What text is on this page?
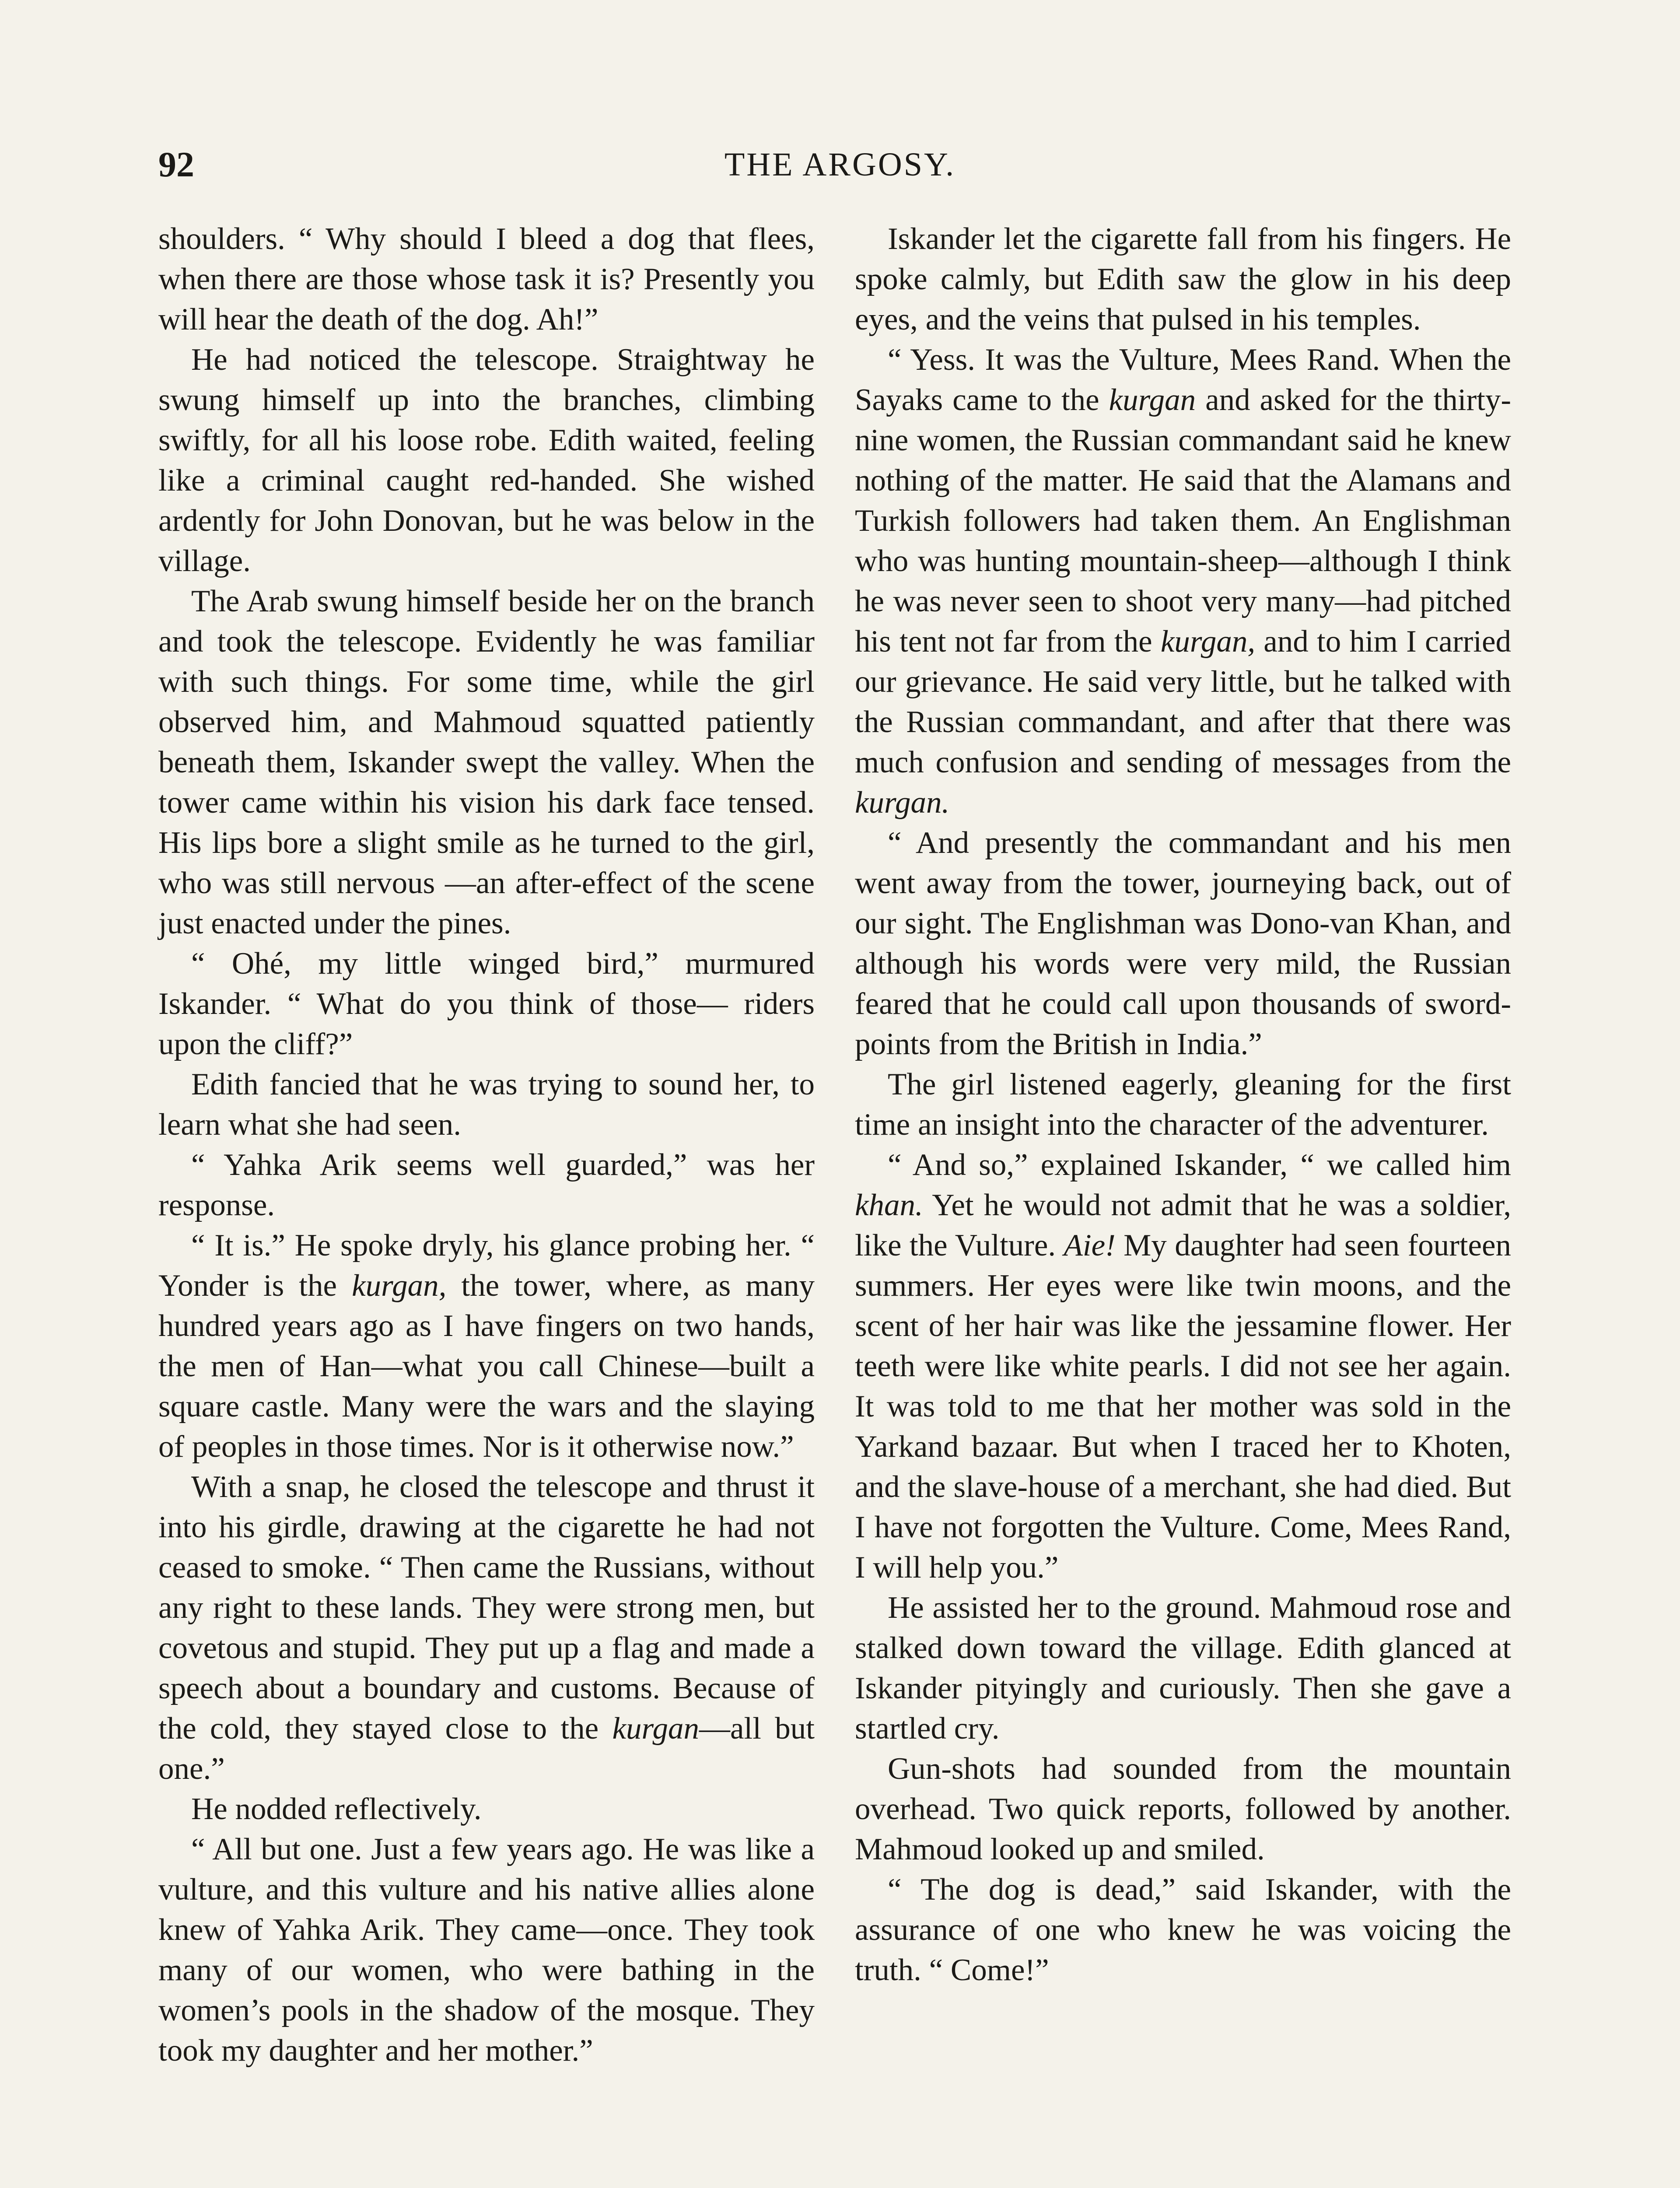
92	THE ARGOSY.

shoulders. “ Why should I bleed a dog that flees, when there are those whose task it is? Presently you will hear the death of the dog. Ah!”

He had noticed the telescope. Straightway he swung himself up into the branches, climbing swiftly, for all his loose robe. Edith waited, feeling like a criminal caught red-handed. She wished ardently for John Donovan, but he was below in the village.

The Arab swung himself beside her on the branch and took the telescope. Evidently he was familiar with such things. For some time, while the girl observed him, and Mahmoud squatted patiently beneath them, Iskander swept the valley. When the tower came within his vision his dark face tensed. His lips bore a slight smile as he turned to the girl, who was still nervous —an after-effect of the scene just enacted under the pines.

“ Ohé, my little winged bird,” murmured Iskander. “ What do you think of those— riders upon the cliff?”

Edith fancied that he was trying to sound her, to learn what she had seen.

“ Yahka Arik seems well guarded,” was her response.

“ It is.” He spoke dryly, his glance probing her. “ Yonder is the kurgan, the tower, where, as many hundred years ago as I have fingers on two hands, the men of Han—what you call Chinese—built a square castle. Many were the wars and the slaying of peoples in those times. Nor is it otherwise now.”

With a snap, he closed the telescope and thrust it into his girdle, drawing at the cigarette he had not ceased to smoke. “ Then came the Russians, without any right to these lands. They were strong men, but covetous and stupid. They put up a flag and made a speech about a boundary and customs. Because of the cold, they stayed close to the kurgan—all but one.”

He nodded reflectively.

“ All but one. Just a few years ago. He was like a vulture, and this vulture and his native allies alone knew of Yahka Arik. They came—once. They took many of our women, who were bathing in the women’s pools in the shadow of the mosque. They took my daughter and her mother.”

Iskander let the cigarette fall from his fingers. He spoke calmly, but Edith saw the glow in his deep eyes, and the veins that pulsed in his temples.

“ Yess. It was the Vulture, Mees Rand. When the Sayaks came to the kurgan and asked for the thirty-nine women, the Russian commandant said he knew nothing of the matter. He said that the Alamans and Turkish followers had taken them. An Englishman who was hunting mountain-sheep—although I think he was never seen to shoot very many—had pitched his tent not far from the kurgan, and to him I carried our grievance. He said very little, but he talked with the Russian commandant, and after that there was much confusion and sending of messages from the kurgan.

“ And presently the commandant and his men went away from the tower, journeying back, out of our sight. The Englishman was Dono-van Khan, and although his words were very mild, the Russian feared that he could call upon thousands of sword-points from the British in India.”

The girl listened eagerly, gleaning for the first time an insight into the character of the adventurer.

“ And so,” explained Iskander, “ we called him khan. Yet he would not admit that he was a soldier, like the Vulture. Aie! My daughter had seen fourteen summers. Her eyes were like twin moons, and the scent of her hair was like the jessamine flower. Her teeth were like white pearls. I did not see her again. It was told to me that her mother was sold in the Yarkand bazaar. But when I traced her to Khoten, and the slave-house of a merchant, she had died. But I have not forgotten the Vulture. Come, Mees Rand, I will help you.”

He assisted her to the ground. Mahmoud rose and stalked down toward the village. Edith glanced at Iskander pityingly and curiously. Then she gave a startled cry.

Gun-shots had sounded from the mountain overhead. Two quick reports, followed by another. Mahmoud looked up and smiled.

“ The dog is dead,” said Iskander, with the assurance of one who knew he was voicing the truth. “ Come!”
